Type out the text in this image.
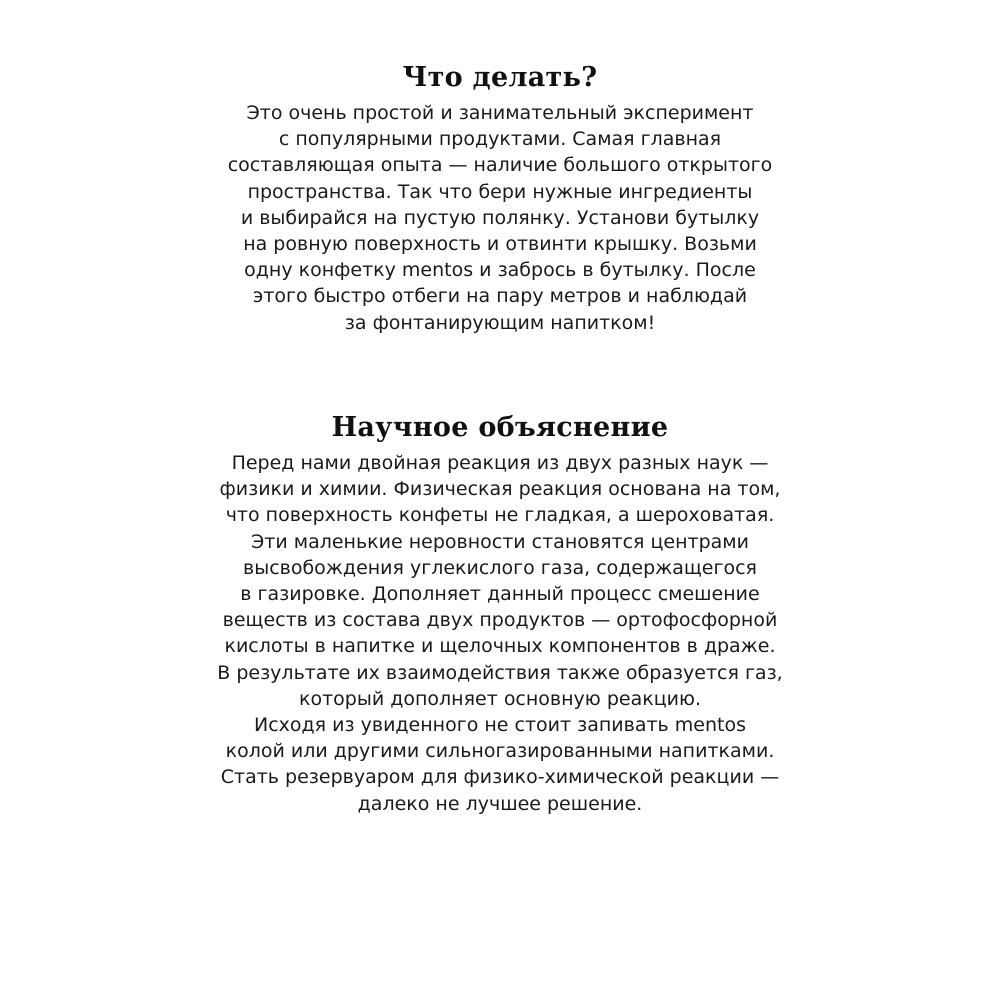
Что делать?

Это очень простой и занимательный эксперимент
с популярными продуктами. Самая главная
составляющая опыта — наличие большого открытого
пространства. Так что бери нужные ингредиенты
и выбирайся на пустую полянку. Установи бутылку
на ровную поверхность и отвинти крышку. Возьми
одну конфетку mentos и забрось в бутылку. После
этого быстро отбеги на пару метров и наблюдай
за фонтанирующим напитком!

Научное объяснение

Перед нами двойная реакция из двух разных наук —
физики и химии. Физическая реакция основана на том,
что поверхность конфеты не гладкая, а шероховатая.
Эти маленькие неровности становятся центрами
высвобождения углекислого газа, содержащегося
в газировке. Дополняет данный процесс смешение
веществ из состава двух продуктов — ортофосфорной
кислоты в напитке и щелочных компонентов в драже.
В результате их взаимодействия также образуется газ,
который дополняет основную реакцию.
Исходя из увиденного не стоит запивать mentos
колой или другими сильногазированными напитками.
Стать резервуаром для физико-химической реакции —
далеко не лучшее решение.
